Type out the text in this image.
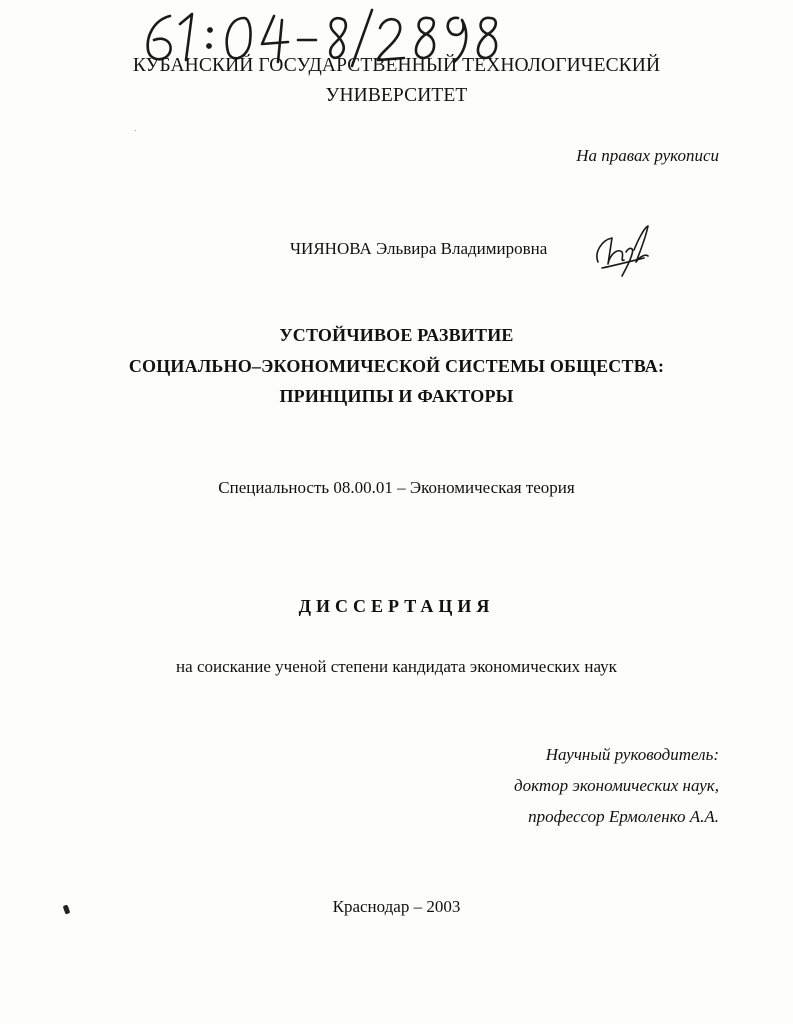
КУБАНСКИЙ ГОСУДАРСТВЕННЫЙ ТЕХНОЛОГИЧЕСКИЙ
УНИВЕРСИТЕТ
На правах рукописи
ЧИЯНОВА Эльвира Владимировна
УСТОЙЧИВОЕ РАЗВИТИЕ
СОЦИАЛЬНО–ЭКОНОМИЧЕСКОЙ СИСТЕМЫ ОБЩЕСТВА:
ПРИНЦИПЫ И ФАКТОРЫ
Специальность 08.00.01 – Экономическая теория
ДИССЕРТАЦИЯ
на соискание ученой степени кандидата экономических наук
Научный руководитель:
доктор экономических наук,
профессор Ермоленко А.А.
Краснодар – 2003
